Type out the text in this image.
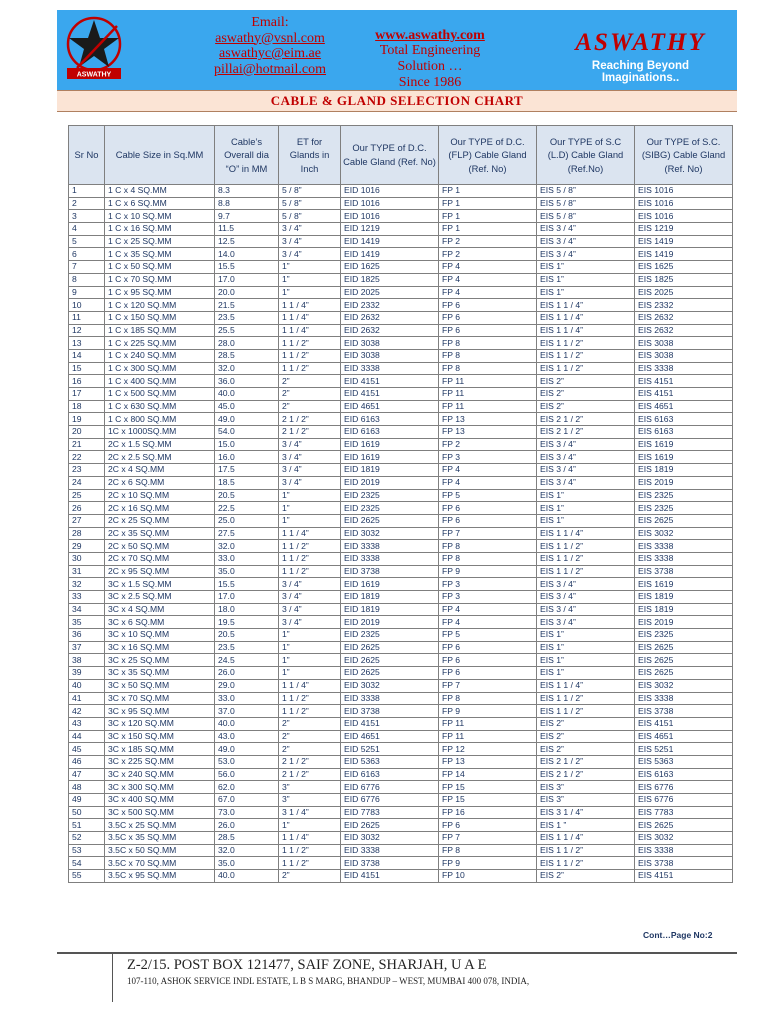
ASWATHY
Email:
aswathy@vsnl.com
aswathyc@eim.ae
pillai@hotmail.com
www.aswathy.com
Total Engineering Solution …
Since 1986
ASWATHY
Reaching Beyond Imaginations..
CABLE & GLAND SELECTION CHART
Sr No	Cable Size in Sq.MM	Cable’s Overall dia “O” in MM	ET for Glands in Inch	Our TYPE of D.C. Cable Gland (Ref. No)	Our TYPE of D.C.(FLP) Cable Gland (Ref. No)	Our TYPE of S.C (L.D) Cable Gland (Ref.No)	Our TYPE of S.C.(SIBG) Cable Gland (Ref. No)
1	1 C x 4 SQ.MM	8.3	5 / 8”	EID 1016	FP 1	EIS 5 / 8”	EIS 1016
2	1 C x 6 SQ.MM	8.8	5 / 8”	EID 1016	FP 1	EIS 5 / 8”	EIS 1016
3	1 C x 10 SQ.MM	9.7	5 / 8”	EID 1016	FP 1	EIS 5 / 8”	EIS 1016
4	1 C x 16 SQ.MM	11.5	3 / 4”	EID 1219	FP 1	EIS 3 / 4”	EIS 1219
5	1 C x 25 SQ.MM	12.5	3 / 4”	EID 1419	FP 2	EIS 3 / 4”	EIS 1419
6	1 C x 35 SQ.MM	14.0	3 / 4”	EID 1419	FP 2	EIS 3 / 4”	EIS 1419
7	1 C x 50 SQ.MM	15.5	1”	EID 1625	FP 4	EIS 1”	EIS 1625
8	1 C x 70 SQ.MM	17.0	1”	EID 1825	FP 4	EIS 1”	EIS 1825
9	1 C x 95 SQ.MM	20.0	1”	EID 2025	FP 4	EIS 1”	EIS 2025
10	1 C x 120 SQ.MM	21.5	1 1 / 4”	EID 2332	FP 6	EIS 1 1 / 4”	EIS 2332
11	1 C x 150 SQ.MM	23.5	1 1 / 4”	EID 2632	FP 6	EIS 1 1 / 4”	EIS 2632
12	1 C x 185 SQ.MM	25.5	1 1 / 4”	EID 2632	FP 6	EIS 1 1 / 4”	EIS 2632
13	1 C x 225 SQ.MM	28.0	1 1 / 2”	EID 3038	FP 8	EIS 1 1 / 2”	EIS 3038
14	1 C x 240 SQ.MM	28.5	1 1 / 2”	EID 3038	FP 8	EIS 1 1 / 2”	EIS 3038
15	1 C x 300 SQ.MM	32.0	1 1 / 2”	EID 3338	FP 8	EIS 1 1 / 2”	EIS 3338
16	1 C x 400 SQ.MM	36.0	2”	EID 4151	FP 11	EIS 2”	EIS 4151
17	1 C x 500 SQ.MM	40.0	2”	EID 4151	FP 11	EIS 2”	EIS 4151
18	1 C x 630 SQ.MM	45.0	2”	EID 4651	FP 11	EIS 2”	EIS 4651
19	1 C x 800 SQ.MM	49.0	2 1 / 2”	EID 6163	FP 13	EIS 2 1 / 2”	EIS 6163
20	1C x 1000SQ.MM	54.0	2 1 / 2”	EID 6163	FP 13	EIS 2 1 / 2”	EIS 6163
21	2C x 1.5 SQ.MM	15.0	3 / 4”	EID 1619	FP 2	EIS 3 / 4”	EIS 1619
22	2C x 2.5 SQ.MM	16.0	3 / 4”	EID 1619	FP 3	EIS 3 / 4”	EIS 1619
23	2C x 4 SQ.MM	17.5	3 / 4”	EID 1819	FP 4	EIS 3 / 4”	EIS 1819
24	2C x 6 SQ.MM	18.5	3 / 4”	EID 2019	FP 4	EIS 3 / 4”	EIS 2019
25	2C x 10 SQ.MM	20.5	1”	EID 2325	FP 5	EIS 1”	EIS 2325
26	2C x 16 SQ.MM	22.5	1”	EID 2325	FP 6	EIS 1”	EIS 2325
27	2C x 25 SQ.MM	25.0	1”	EID 2625	FP 6	EIS 1”	EIS 2625
28	2C x 35 SQ.MM	27.5	1 1 / 4”	EID 3032	FP 7	EIS 1 1 / 4”	EIS 3032
29	2C x 50 SQ.MM	32.0	1 1 / 2”	EID 3338	FP 8	EIS 1 1 / 2”	EIS 3338
30	2C x 70 SQ.MM	33.0	1 1 / 2”	EID 3338	FP 8	EIS 1 1 / 2”	EIS 3338
31	2C x 95 SQ.MM	35.0	1 1 / 2”	EID 3738	FP 9	EIS 1 1 / 2”	EIS 3738
32	3C x 1.5 SQ.MM	15.5	3 / 4”	EID 1619	FP 3	EIS 3 / 4”	EIS 1619
33	3C x 2.5 SQ.MM	17.0	3 / 4”	EID 1819	FP 3	EIS 3 / 4”	EIS 1819
34	3C x 4 SQ.MM	18.0	3 / 4”	EID 1819	FP 4	EIS 3 / 4”	EIS 1819
35	3C x 6 SQ.MM	19.5	3 / 4”	EID 2019	FP 4	EIS 3 / 4”	EIS 2019
36	3C x 10 SQ.MM	20.5	1”	EID 2325	FP 5	EIS 1”	EIS 2325
37	3C x 16 SQ.MM	23.5	1”	EID 2625	FP 6	EIS 1”	EIS 2625
38	3C x 25 SQ.MM	24.5	1”	EID 2625	FP 6	EIS 1”	EIS 2625
39	3C x 35 SQ.MM	26.0	1”	EID 2625	FP 6	EIS 1”	EIS 2625
40	3C x 50 SQ.MM	29.0	1 1 / 4”	EID 3032	FP 7	EIS 1 1 / 4”	EIS 3032
41	3C x 70 SQ.MM	33.0	1 1 / 2”	EID 3338	FP 8	EIS 1 1 / 2”	EIS 3338
42	3C x 95 SQ.MM	37.0	1 1 / 2”	EID 3738	FP 9	EIS 1 1 / 2”	EIS 3738
43	3C x 120 SQ.MM	40.0	2”	EID 4151	FP 11	EIS 2”	EIS 4151
44	3C x 150 SQ.MM	43.0	2”	EID 4651	FP 11	EIS 2”	EIS 4651
45	3C x 185 SQ.MM	49.0	2”	EID 5251	FP 12	EIS 2”	EIS 5251
46	3C x 225 SQ.MM	53.0	2 1 / 2”	EID 5363	FP 13	EIS 2 1 / 2”	EIS 5363
47	3C x 240 SQ.MM	56.0	2 1 / 2”	EID 6163	FP 14	EIS 2 1 / 2”	EIS 6163
48	3C x 300 SQ.MM	62.0	3”	EID 6776	FP 15	EIS 3”	EIS 6776
49	3C x 400 SQ.MM	67.0	3”	EID 6776	FP 15	EIS 3”	EIS 6776
50	3C x 500 SQ.MM	73.0	3 1 / 4”	EID 7783	FP 16	EIS 3 1 / 4”	EIS 7783
51	3.5C x 25 SQ.MM	26.0	1”	EID 2625	FP 6	EIS 1 ”	EIS 2625
52	3.5C x 35 SQ.MM	28.5	1 1 / 4”	EID 3032	FP 7	EIS 1 1 / 4”	EIS 3032
53	3.5C x 50 SQ.MM	32.0	1 1 / 2”	EID 3338	FP 8	EIS 1 1 / 2”	EIS 3338
54	3.5C x 70 SQ.MM	35.0	1 1 / 2”	EID 3738	FP 9	EIS 1 1 / 2”	EIS 3738
55	3.5C x 95 SQ.MM	40.0	2”	EID 4151	FP 10	EIS 2”	EIS 4151
Cont…Page No:2
Z-2/15. POST BOX 121477, SAIF ZONE, SHARJAH, U A E
107-110, ASHOK SERVICE INDL ESTATE, L B S MARG, BHANDUP – WEST, MUMBAI 400 078, INDIA,
